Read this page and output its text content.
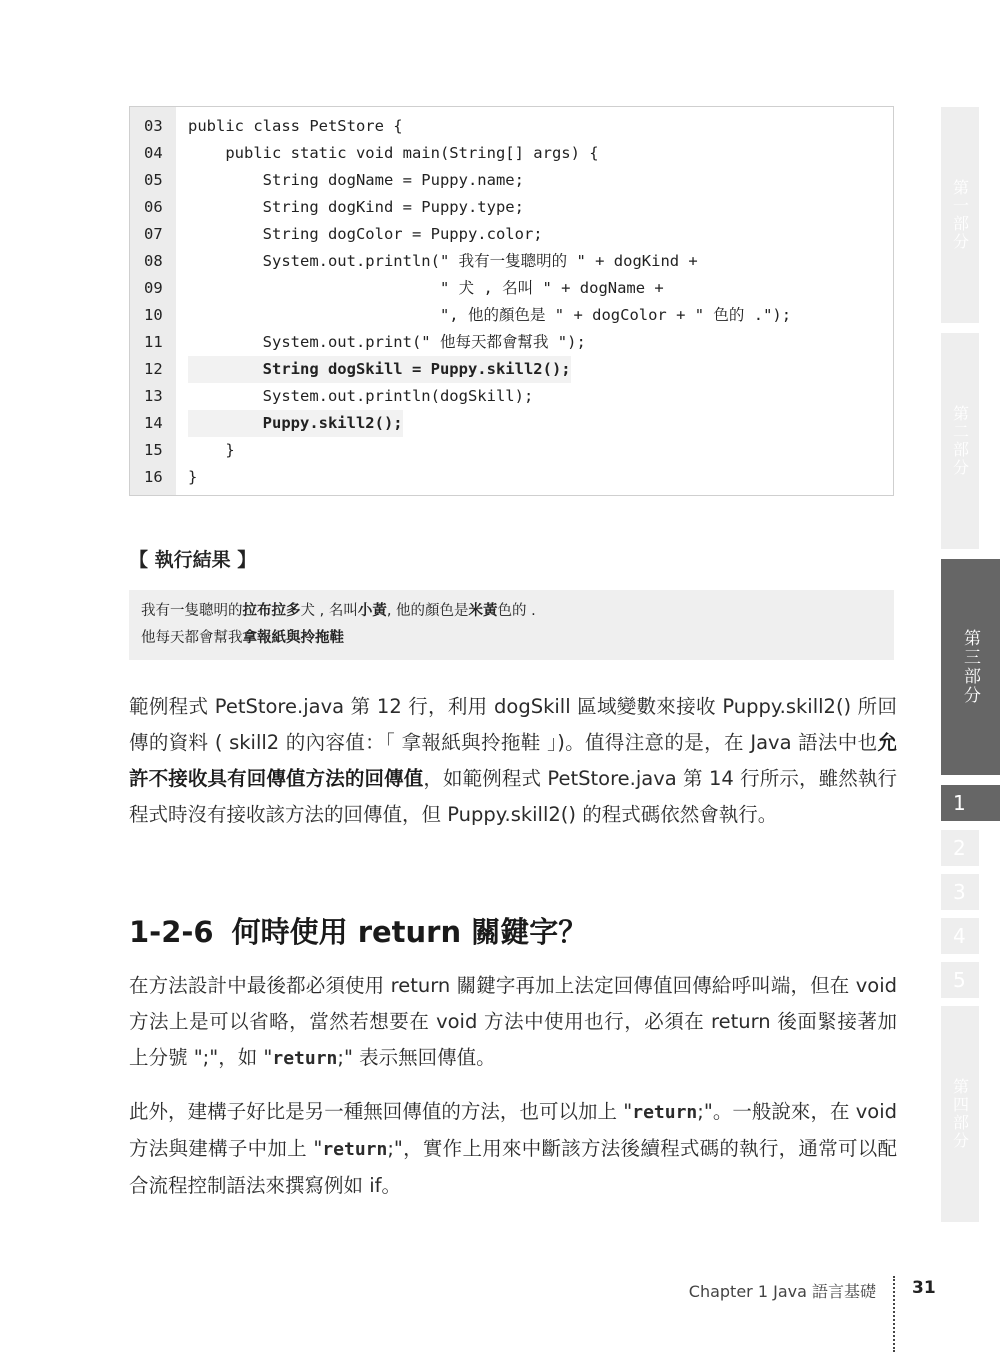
03	public class PetStore {
04	public static void main(String[] args) {
05	String dogName = Puppy.name;
06	String dogKind = Puppy.type;
07	String dogColor = Puppy.color;
08	System.out.println(" 我有一隻聰明的 " + dogKind +
09	" 犬 , 名叫 " + dogName +
10	", 他的顏色是 " + dogColor + " 色的 .");
11	System.out.print(" 他每天都會幫我 ");
12	String dogSkill = Puppy.skill2();
13	System.out.println(dogSkill);
14	Puppy.skill2();
15	}
16	}
【 執行結果 】
我有一隻聰明的拉布拉多犬 , 名叫小黃, 他的顏色是米黃色的 .
他每天都會幫我拿報紙與拎拖鞋

範例程式 PetStore.java 第 12 行，利用 dogSkill 區域變數來接收 Puppy.skill2() 所回傳的資料 ( skill2 的內容值：「 拿報紙與拎拖鞋 」)。值得注意的是，在 Java 語法中也允許不接收具有回傳值方法的回傳值，如範例程式 PetStore.java 第 14 行所示，雖然執行程式時沒有接收該方法的回傳值，但 Puppy.skill2() 的程式碼依然會執行。

1-2-6 何時使用 return 關鍵字？

在方法設計中最後都必須使用 return 關鍵字再加上法定回傳值回傳給呼叫端，但在 void 方法上是可以省略，當然若想要在 void 方法中使用也行，必須在 return 後面緊接著加上分號 ";"，如 "return;" 表示無回傳值。

此外，建構子好比是另一種無回傳值的方法，也可以加上 "return;"。一般說來，在 void 方法與建構子中加上 "return;"，實作上用來中斷該方法後續程式碼的執行，通常可以配合流程控制語法來撰寫例如 if。

第一部分
第二部分
第三部分
1
2
3
4
5
第四部分
Chapter 1 Java 語言基礎 31
